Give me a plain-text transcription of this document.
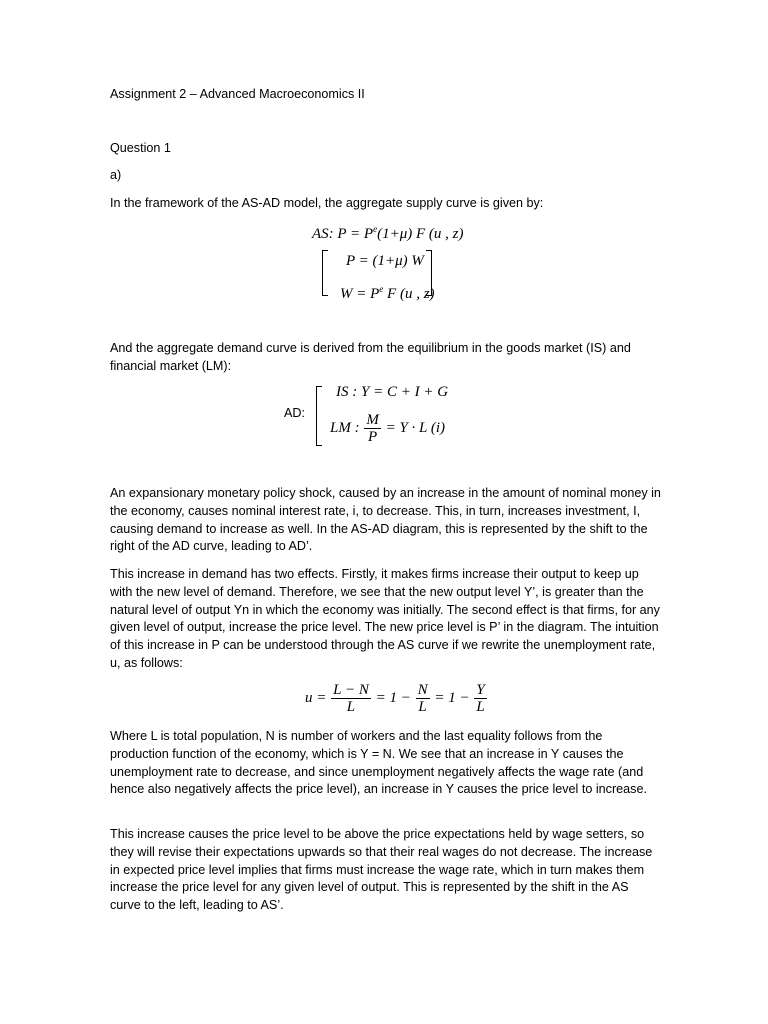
Assignment 2 – Advanced Macroeconomics II
Question 1
a)
In the framework of the AS-AD model, the aggregate supply curve is given by:
AS: $P = P^e(1+\mu)$ F (u , z)
P = (1+μ) W
$W = P^e$ F (u , z)
And the aggregate demand curve is derived from the equilibrium in the goods market (IS) and financial market (LM):
AD:
IS : Y = C + I + G
LM : $\frac{M}{P} = Y \cdot L$ (i)
An expansionary monetary policy shock, caused by an increase in the amount of nominal money in the economy, causes nominal interest rate, i, to decrease. This, in turn, increases investment, I, causing demand to increase as well. In the AS-AD diagram, this is represented by the shift to the right of the AD curve, leading to AD’.
This increase in demand has two effects. Firstly, it makes firms increase their output to keep up with the new level of demand. Therefore, we see that the new output level Y’, is greater than the natural level of output Yn in which the economy was initially. The second effect is that firms, for any given level of output, increase the price level. The new price level is P’ in the diagram. The intuition of this increase in P can be understood through the AS curve if we rewrite the unemployment rate, u, as follows:
$u = \frac{L - N}{L} = 1 - \frac{N}{L} = 1 - \frac{Y}{L}$
Where L is total population, N is number of workers and the last equality follows from the production function of the economy, which is Y = N. We see that an increase in Y causes the unemployment rate to decrease, and since unemployment negatively affects the wage rate (and hence also negatively affects the price level), an increase in Y causes the price level to increase.
This increase causes the price level to be above the price expectations held by wage setters, so they will revise their expectations upwards so that their real wages do not decrease. The increase in expected price level implies that firms must increase the wage rate, which in turn makes them increase the price level for any given level of output. This is represented by the shift in the AS curve to the left, leading to AS’.
